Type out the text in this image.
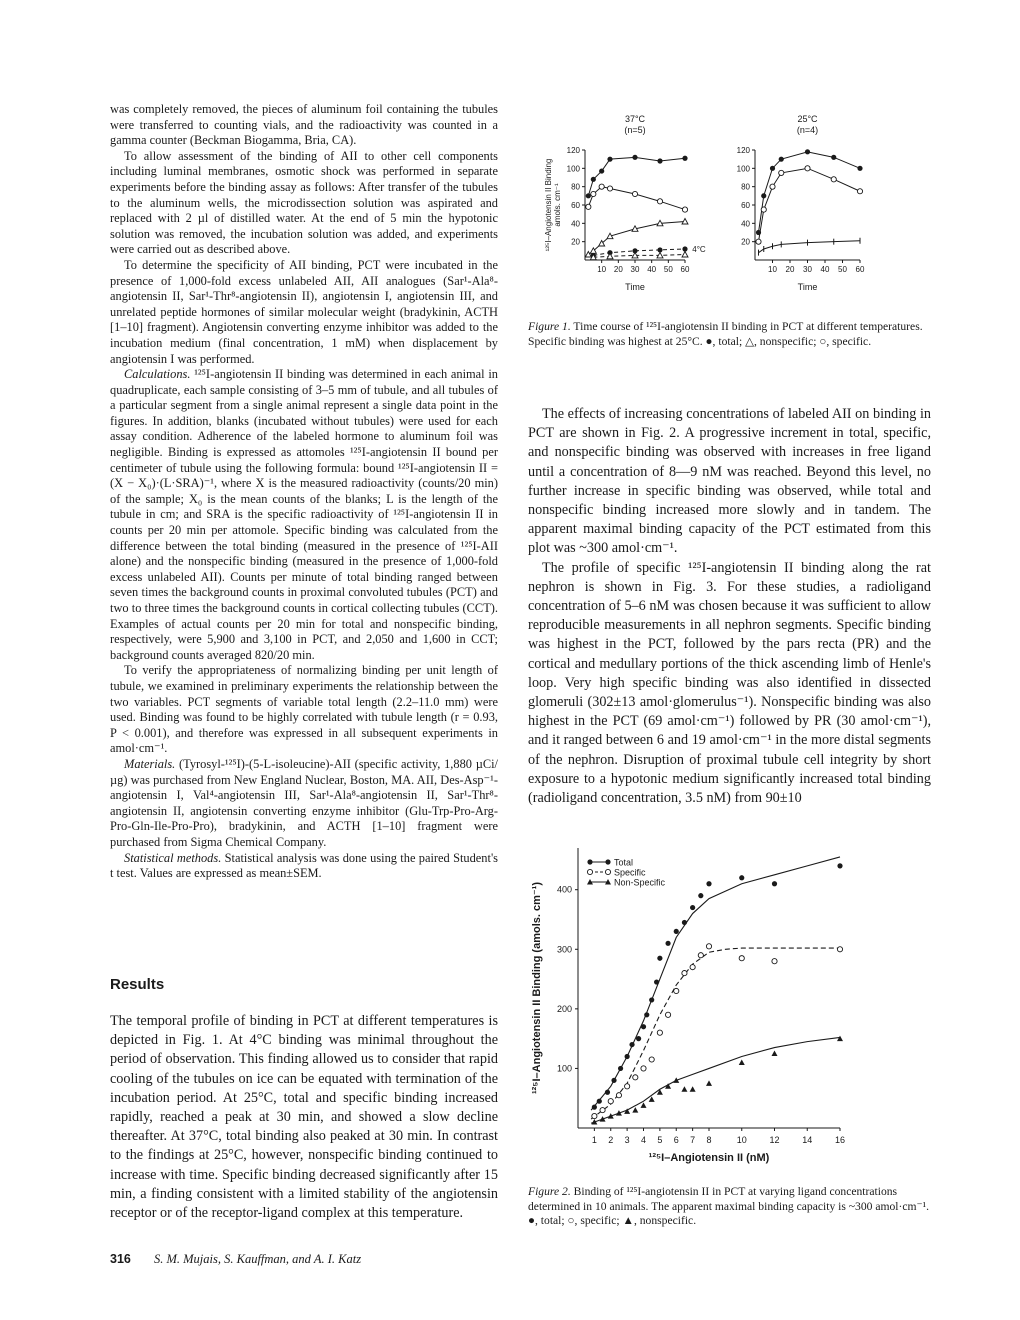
was completely removed, the pieces of aluminum foil containing the tubules were transferred to counting vials, and the radioactivity was counted in a gamma counter (Beckman Biogamma, Bria, CA).

To allow assessment of the binding of AII to other cell components including luminal membranes, osmotic shock was performed in separate experiments before the binding assay as follows: After transfer of the tubules to the aluminum wells, the microdissection solution was aspirated and replaced with 2 µl of distilled water. At the end of 5 min the hypotonic solution was removed, the incubation solution was added, and experiments were carried out as described above.

To determine the specificity of AII binding, PCT were incubated in the presence of 1,000-fold excess unlabeled AII, AII analogues (Sar¹-Ala⁸-angiotensin II, Sar¹-Thr⁸-angiotensin II), angiotensin I, angiotensin III, and unrelated peptide hormones of similar molecular weight (bradykinin, ACTH [1–10] fragment). Angiotensin converting enzyme inhibitor was added to the incubation medium (final concentration, 1 mM) when displacement by angiotensin I was performed.

Calculations. ¹²⁵I-angiotensin II binding was determined in each animal in quadruplicate, each sample consisting of 3–5 mm of tubule, and all tubules of a particular segment from a single animal represent a single data point in the figures. In addition, blanks (incubated without tubules) were used for each assay condition. Adherence of the labeled hormone to aluminum foil was negligible. Binding is expressed as attomoles ¹²⁵I-angiotensin II bound per centimeter of tubule using the following formula: bound ¹²⁵I-angiotensin II = (X − X₀)·(L·SRA)⁻¹, where X is the measured radioactivity (counts/20 min) of the sample; X₀ is the mean counts of the blanks; L is the length of the tubule in cm; and SRA is the specific radioactivity of ¹²⁵I-angiotensin II in counts per 20 min per attomole. Specific binding was calculated from the difference between the total binding (measured in the presence of ¹²⁵I-AII alone) and the nonspecific binding (measured in the presence of 1,000-fold excess unlabeled AII). Counts per minute of total binding ranged between seven times the background counts in proximal convoluted tubules (PCT) and two to three times the background counts in cortical collecting tubules (CCT). Examples of actual counts per 20 min for total and nonspecific binding, respectively, were 5,900 and 3,100 in PCT, and 2,050 and 1,600 in CCT; background counts averaged 820/20 min.

To verify the appropriateness of normalizing binding per unit length of tubule, we examined in preliminary experiments the relationship between the two variables. PCT segments of variable total length (2.2–11.0 mm) were used. Binding was found to be highly correlated with tubule length (r = 0.93, P < 0.001), and therefore was expressed in all subsequent experiments in amol·cm⁻¹.

Materials. (Tyrosyl-¹²⁵I)-(5-L-isoleucine)-AII (specific activity, 1,880 µCi/µg) was purchased from New England Nuclear, Boston, MA. AII, Des-Asp⁻¹-angiotensin I, Val⁴-angiotensin III, Sar¹-Ala⁸-angiotensin II, Sar¹-Thr⁸-angiotensin II, angiotensin converting enzyme inhibitor (Glu-Trp-Pro-Arg-Pro-Gln-Ile-Pro-Pro), bradykinin, and ACTH [1–10] fragment were purchased from Sigma Chemical Company.

Statistical methods. Statistical analysis was done using the paired Student's t test. Values are expressed as mean±SEM.

Results

The temporal profile of binding in PCT at different temperatures is depicted in Fig. 1. At 4°C binding was minimal throughout the period of observation. This finding allowed us to consider that rapid cooling of the tubules on ice can be equated with termination of the incubation period. At 25°C, total and specific binding increased rapidly, reached a peak at 30 min, and showed a slow decline thereafter. At 37°C, total binding also peaked at 30 min. In contrast to the findings at 25°C, however, nonspecific binding continued to increase with time. Specific binding decreased significantly after 15 min, a finding consistent with a limited stability of the angiotensin receptor or of the receptor-ligand complex at this temperature.

37°C
(n=5)
20
40
60
80
100
120
10 20 30 40 50 60
Time
¹²⁵I–Angiotensin II Binding amols. cm⁻¹
4°C
25°C
(n=4)
20
40
60
80
100
120
10 20 30 40 50 60
Time
Figure 1. Time course of ¹²⁵I-angiotensin II binding in PCT at different temperatures. Specific binding was highest at 25°C. ●, total; △, nonspecific; ○, specific.

The effects of increasing concentrations of labeled AII on binding in PCT are shown in Fig. 2. A progressive increment in total, specific, and nonspecific binding was observed with increases in free ligand until a concentration of 8—9 nM was reached. Beyond this level, no further increase in specific binding was observed, while total and nonspecific binding increased more slowly and in tandem. The apparent maximal binding capacity of the PCT estimated from this plot was ~300 amol·cm⁻¹.

The profile of specific ¹²⁵I-angiotensin II binding along the rat nephron is shown in Fig. 3. For these studies, a radioligand concentration of 5–6 nM was chosen because it was sufficient to allow reproducible measurements in all nephron segments. Specific binding was highest in the PCT, followed by the pars recta (PR) and the cortical and medullary portions of the thick ascending limb of Henle's loop. Very high specific binding was also identified in dissected glomeruli (302±13 amol·glomerulus⁻¹). Nonspecific binding was also highest in the PCT (69 amol·cm⁻¹) followed by PR (30 amol·cm⁻¹), and it ranged between 6 and 19 amol·cm⁻¹ in the more distal segments of the nephron. Disruption of proximal tubule cell integrity by short exposure to a hypotonic medium significantly increased total binding (radioligand concentration, 3.5 nM) from 90±10

100
200
300
400
1 2 3 4 5 6 7 8	10	12	14	16
¹²⁵I–Angiotensin II (nM)
¹²⁵I–Angiotensin II Binding (amols. cm⁻¹)
Total
Specific
Non-Specific
Figure 2. Binding of ¹²⁵I-angiotensin II in PCT at varying ligand concentrations determined in 10 animals. The apparent maximal binding capacity is ~300 amol·cm⁻¹. ●, total; ○, specific; ▲, nonspecific.
316 S. M. Mujais, S. Kauffman, and A. I. Katz
